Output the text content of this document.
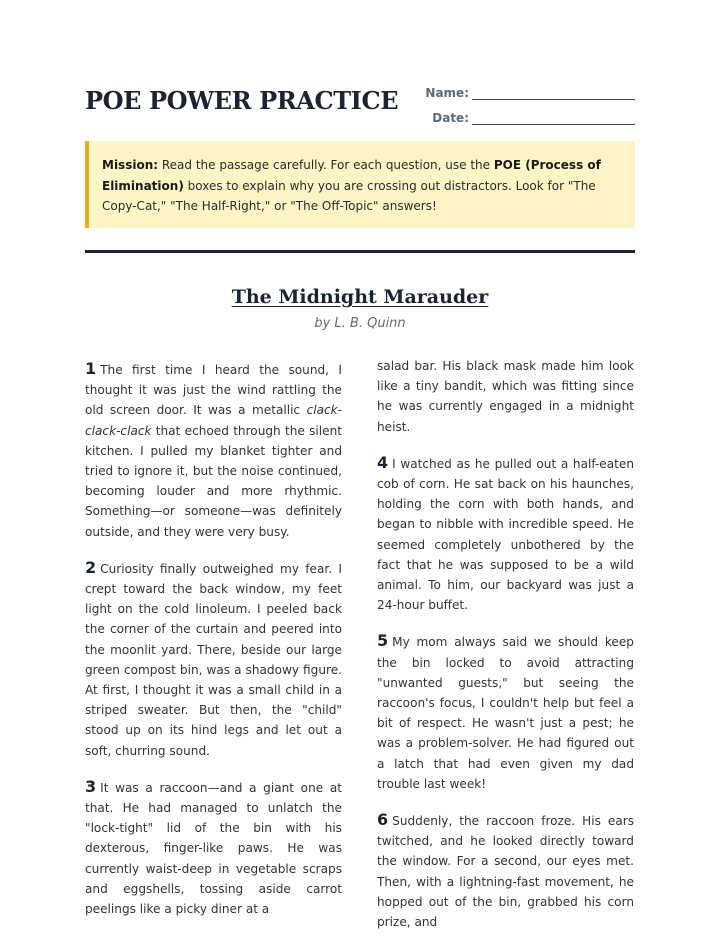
POE POWER PRACTICE Name:
Date:
Mission: Read the passage carefully. For each question, use the POE (Process of Elimination) boxes to explain why you are crossing out distractors. Look for "The Copy-Cat," "The Half-Right," or "The Off-Topic" answers!
The Midnight Marauder
by L. B. Quinn

1 The first time I heard the sound, I thought it was just the wind rattling the old screen door. It was a metallic clack-clack-clack that echoed through the silent kitchen. I pulled my blanket tighter and tried to ignore it, but the noise continued, becoming louder and more rhythmic. Something—or someone—was definitely outside, and they were very busy.

2 Curiosity finally outweighed my fear. I crept toward the back window, my feet light on the cold linoleum. I peeled back the corner of the curtain and peered into the moonlit yard. There, beside our large green compost bin, was a shadowy figure. At first, I thought it was a small child in a striped sweater. But then, the "child" stood up on its hind legs and let out a soft, churring sound.

3 It was a raccoon—and a giant one at that. He had managed to unlatch the "lock-tight" lid of the bin with his dexterous, finger-like paws. He was currently waist-deep in vegetable scraps and eggshells, tossing aside carrot peelings like a picky diner at a

salad bar. His black mask made him look like a tiny bandit, which was fitting since he was currently engaged in a midnight heist.

4 I watched as he pulled out a half-eaten cob of corn. He sat back on his haunches, holding the corn with both hands, and began to nibble with incredible speed. He seemed completely unbothered by the fact that he was supposed to be a wild animal. To him, our backyard was just a 24-hour buffet.

5 My mom always said we should keep the bin locked to avoid attracting "unwanted guests," but seeing the raccoon's focus, I couldn't help but feel a bit of respect. He wasn't just a pest; he was a problem-solver. He had figured out a latch that had even given my dad trouble last week!

6 Suddenly, the raccoon froze. His ears twitched, and he looked directly toward the window. For a second, our eyes met. Then, with a lightning-fast movement, he hopped out of the bin, grabbed his corn prize, and
